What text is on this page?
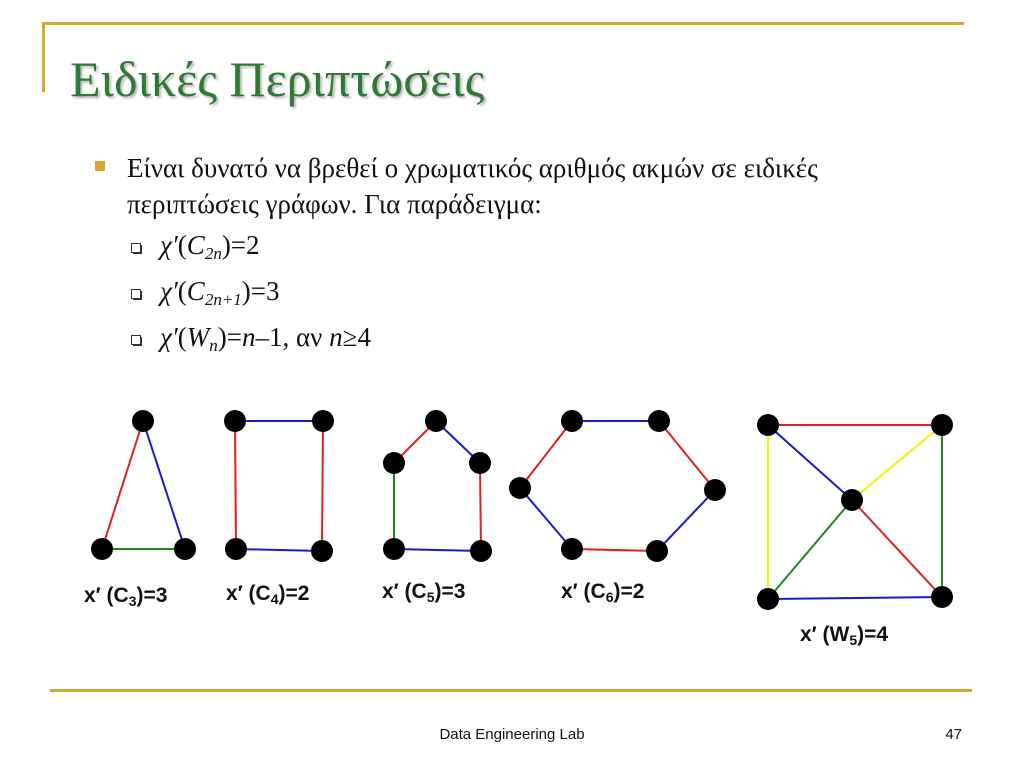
Ειδικές Περιπτώσεις
Είναι δυνατό να βρεθεί ο χρωματικός αριθμός ακμών σε ειδικές περιπτώσεις γράφων. Για παράδειγμα:
$\chi'(C_{2n})=2$
$\chi'(C_{2n+1})=3$
$\chi'(W_n)=n-1$, αν n≥4
x′ $(C_3)=3$	x′ $(C_4)=2$	x′ $(C_5)=3$	x′ $(C_6)=2$
x′ $(W_5)=4$
Data Engineering Lab	47
